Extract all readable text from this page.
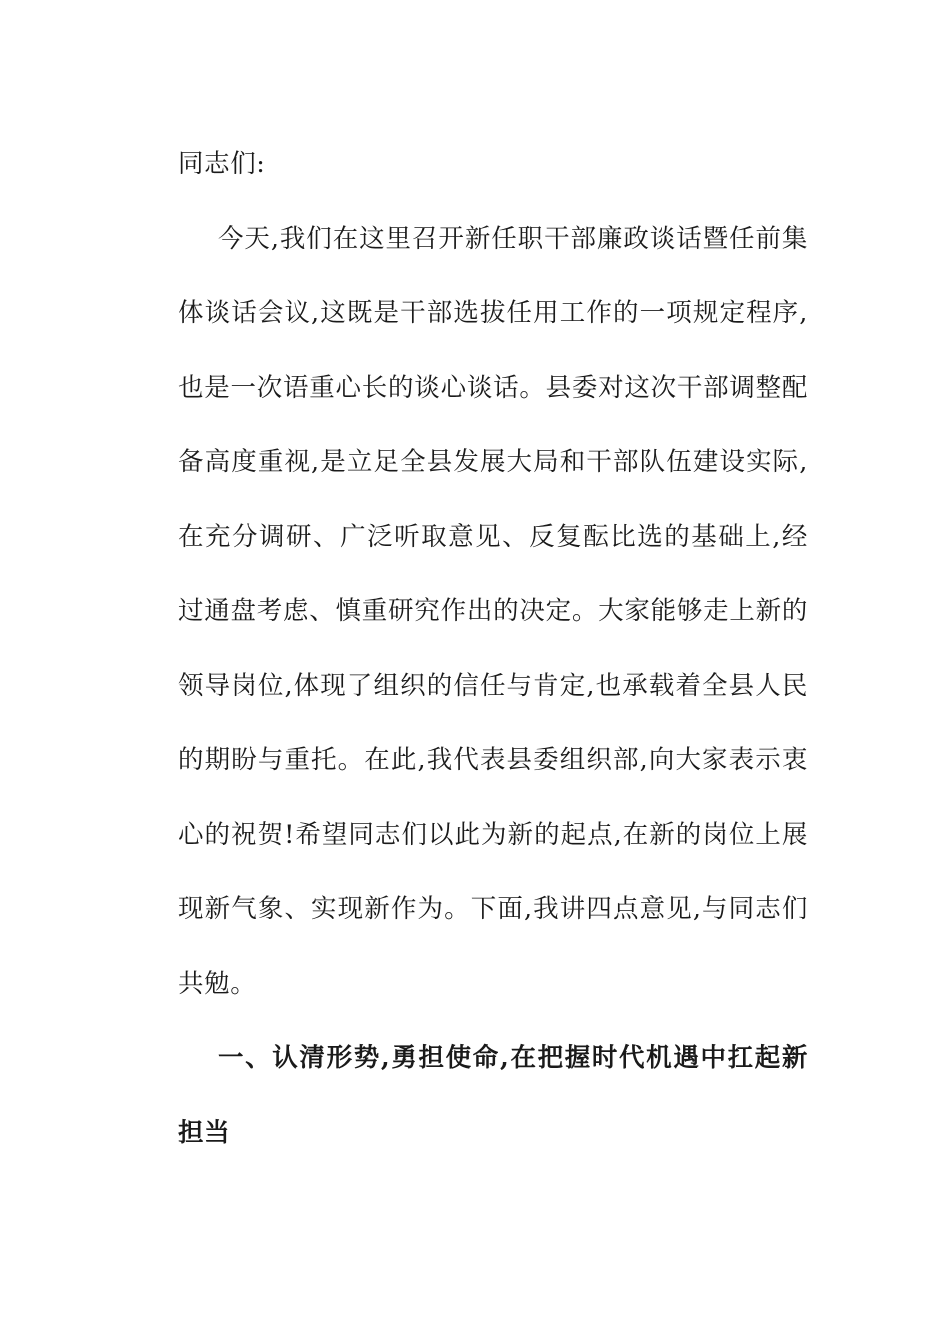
同志们:

今天,我们在这里召开新任职干部廉政谈话暨任前集体谈话会议,这既是干部选拔任用工作的一项规定程序,也是一次语重心长的谈心谈话。县委对这次干部调整配备高度重视,是立足全县发展大局和干部队伍建设实际,在充分调研、广泛听取意见、反复酝比选的基础上,经过通盘考虑、慎重研究作出的决定。大家能够走上新的领导岗位,体现了组织的信任与肯定,也承载着全县人民的期盼与重托。在此,我代表县委组织部,向大家表示衷心的祝贺!希望同志们以此为新的起点,在新的岗位上展现新气象、实现新作为。下面,我讲四点意见,与同志们共勉。

一、认清形势,勇担使命,在把握时代机遇中扛起新担当
